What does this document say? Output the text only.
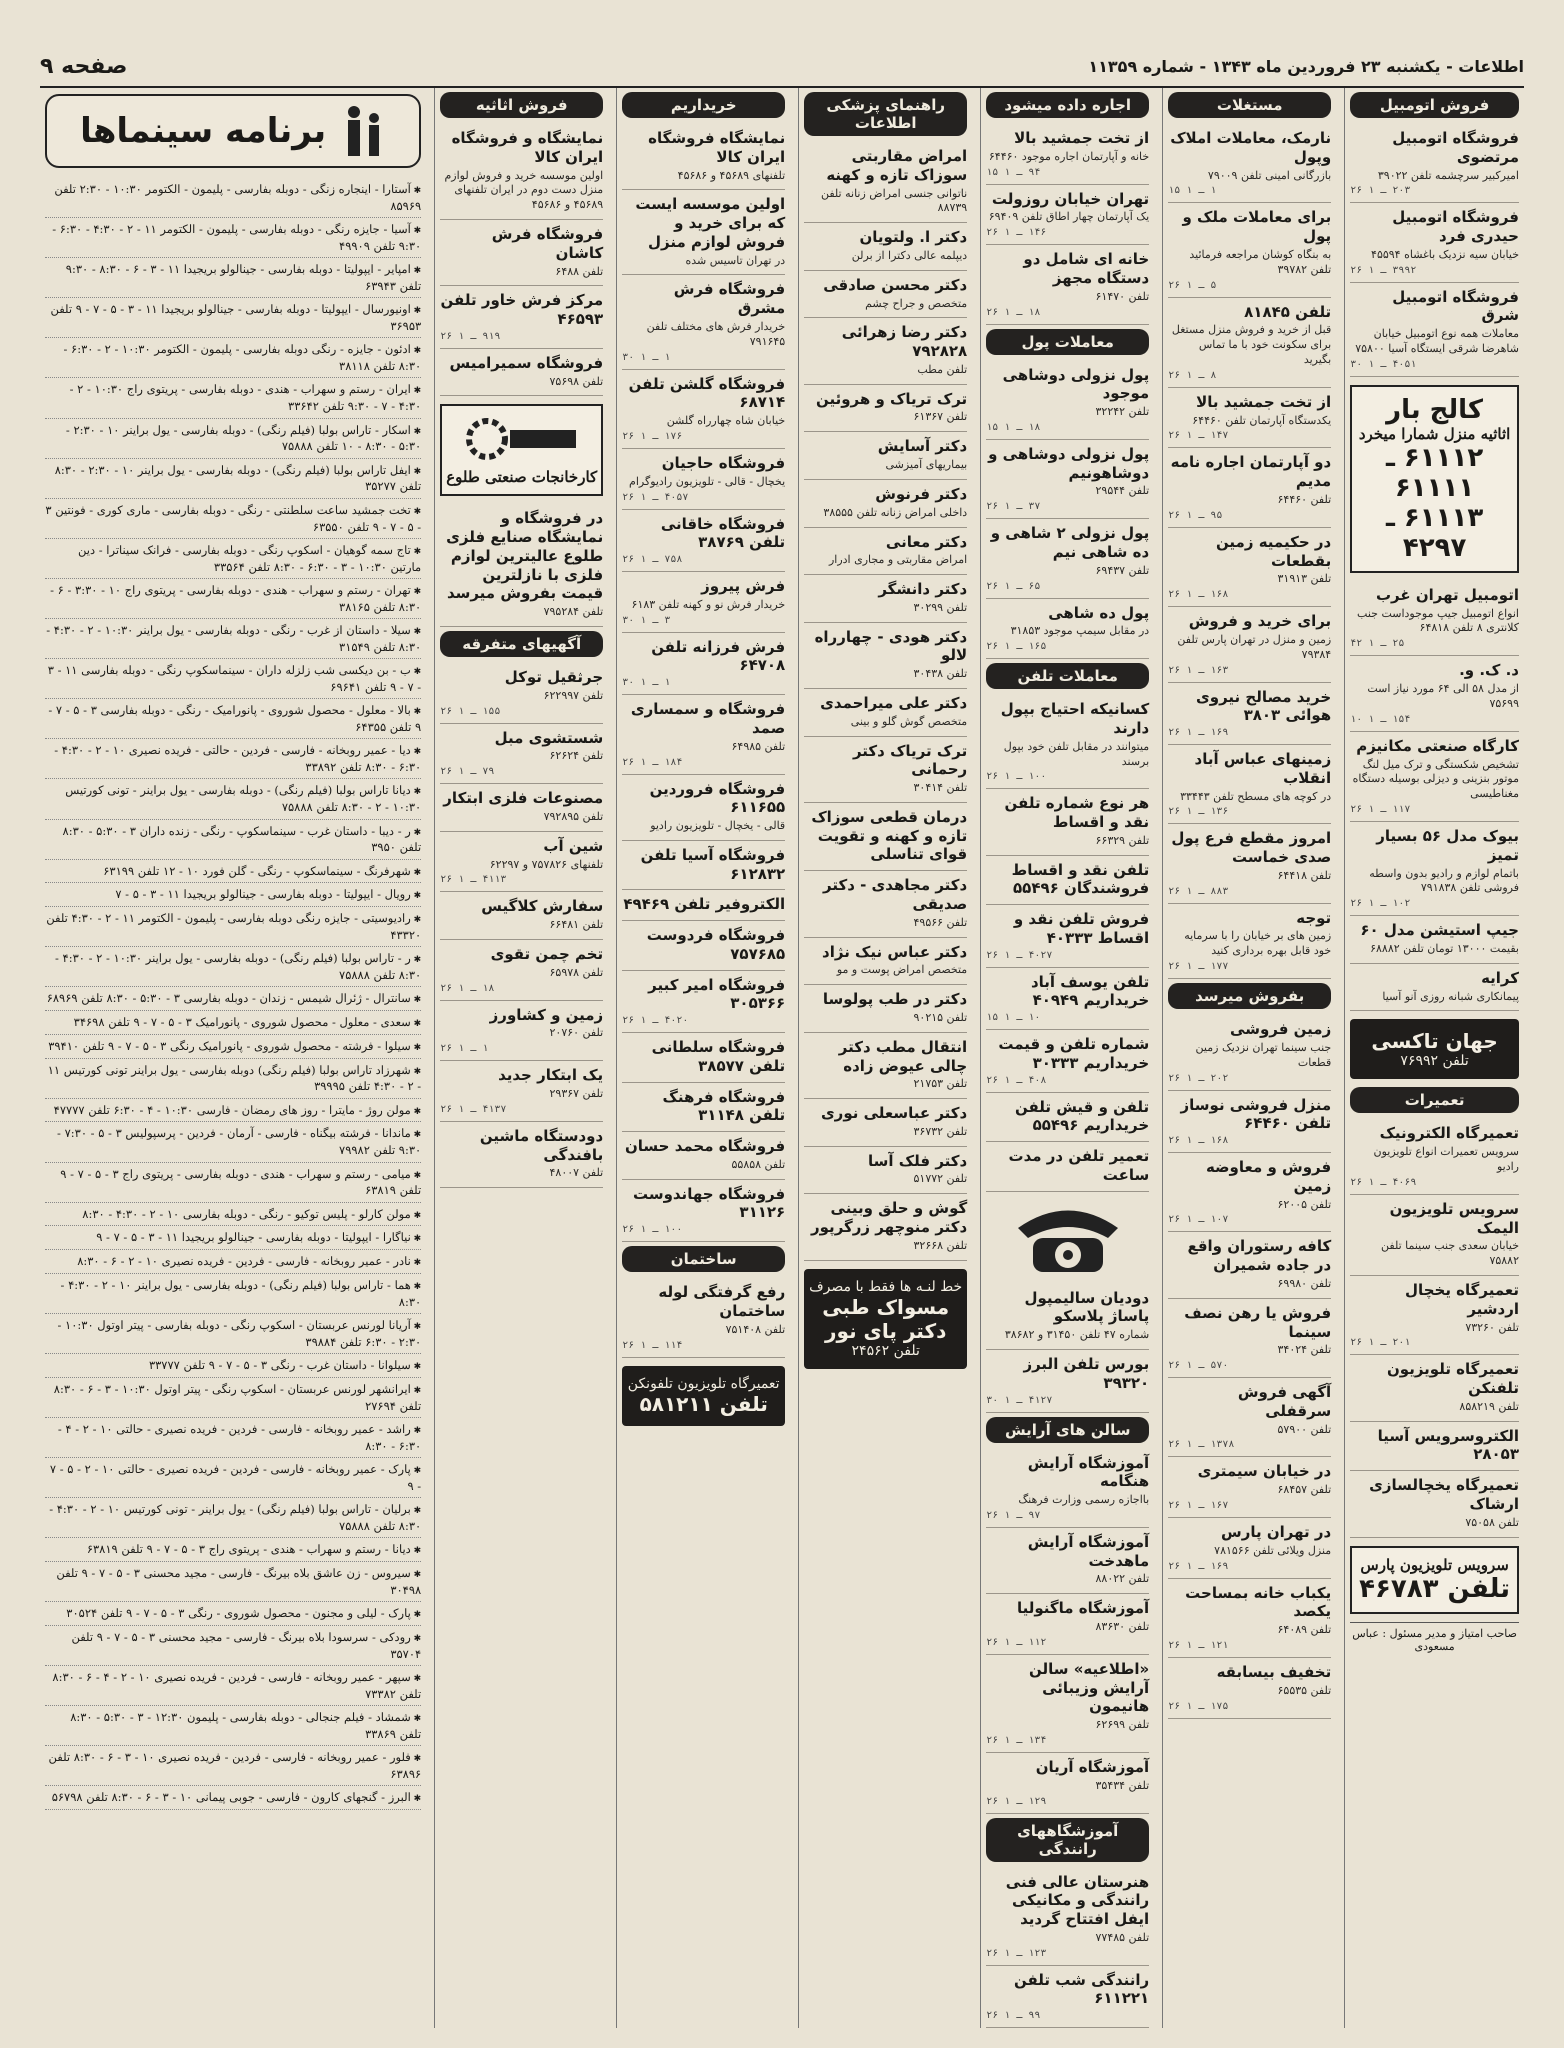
اطلاعات - یکشنبه ۲۳ فروردین ماه ۱۳۴۳ - شماره ۱۱۳۵۹
صفحه ۹
فروش اتومبیل
فروشگاه اتومبیل مرتضوی
امیرکبیر سرچشمه تلفن ۳۹۰۲۲
۲۰۳ ـ ۱ ۲۶
فروشگاه اتومبیل حیدری فرد
خیابان سیه نزدیک باغشاه ۴۵۵۹۴
۳۹۹۲ ـ ۱ ۲۶
فروشگاه اتومبیل شرق
معاملات همه نوع اتومبیل خیابان شاهرضا شرقی ایستگاه آسیا ۷۵۸۰۰
۴۰۵۱ ـ ۱ ۳۰
کالج بار
اثاثیه منزل شمارا میخرد
۶۱۱۱۲ ـ ۶۱۱۱۱
۶۱۱۱۳ ـ ۴۲۹۷
اتومبیل تهران غرب
انواع اتومبیل جیپ موجوداست جنب کلانتری ۸ تلفن ۶۴۸۱۸
۲۵ ـ ۱ ۴۲
د. ک. و.
از مدل ۵۸ الی ۶۴ مورد نیاز است ۷۵۶۹۹
۱۵۴ ـ ۱ ۱۰
کارگاه صنعتی مکانیزم
تشخیص شکستگی و ترک میل لنگ موتور بنزینی و دیزلی بوسیله دستگاه مغناطیسی
۱۱۷ ـ ۱ ۲۶
بیوک مدل ۵۶ بسیار تمیز
باتمام لوازم و رادیو بدون واسطه فروشی تلفن ۷۹۱۸۳۸
۱۰۲ ـ ۱ ۲۶
جیپ استیشن مدل ۶۰
بقیمت ۱۳۰۰۰ تومان تلفن ۶۸۸۸۲
کرایه
پیمانکاری شبانه روزی آنو آسیا
جهان تاکسی
تلفن ۷۶۹۹۲
تعمیرات
تعمیرگاه الکترونیک
سرویس تعمیرات انواع تلویزیون رادیو
۴۰۶۹ ـ ۱ ۲۶
سرویس تلویزیون الیمک
خیابان سعدی جنب سینما تلفن ۷۵۸۸۲
تعمیرگاه یخچال اردشیر
تلفن ۷۳۲۶۰
۲۰۱ ـ ۱ ۲۶
تعمیرگاه تلویزیون تلفنکن
تلفن ۸۵۸۲۱۹
الکتروسرویس آسیا ۲۸۰۵۳
تعمیرگاه یخچالسازی ارشاک
تلفن ۷۵۰۵۸
سرویس تلویزیون پارس
تلفن ۴۶۷۸۳
صاحب امتیاز و مدیر مسئول : عباس مسعودی
مستغلات
نارمک، معاملات املاک وپول
بازرگانی امینی تلفن ۷۹۰۰۹
۱ ـ ۱ ۱۵
برای معاملات ملک و پول
به بنگاه کوشان مراجعه فرمائید تلفن ۳۹۷۸۲
۵ ـ ۱ ۲۶
تلفن ۸۱۸۴۵
قبل از خرید و فروش منزل مستغل برای سکونت خود با ما تماس بگیرید
۸ ـ ۱ ۲۶
از تخت جمشید بالا
یکدستگاه آپارتمان تلفن ۶۴۴۶۰
۱۴۷ ـ ۱ ۲۶
دو آپارتمان اجاره نامه مدیم
تلفن ۶۴۴۶۰
۹۵ ـ ۱ ۲۶
در حکیمیه زمین بقطعات
تلفن ۳۱۹۱۳
۱۶۸ ـ ۱ ۲۶
برای خرید و فروش
زمین و منزل در تهران پارس تلفن ۷۹۳۸۴
۱۶۳ ـ ۱ ۲۶
خرید مصالح نیروی هوائی ۳۸۰۳
۱۶۹ ـ ۱ ۲۶
زمینهای عباس آباد انقلاب
در کوچه های مسطح تلفن ۳۳۴۴۳
۱۳۶ ـ ۱ ۲۶
امروز مقطع فرع پول صدی خماست
تلفن ۶۴۴۱۸
۸۸۳ ـ ۱ ۲۶
توجه
زمین های بر خیابان را با سرمایه خود قابل بهره برداری کنید
۱۷۷ ـ ۱ ۲۶
بفروش میرسد
زمین فروشی
جنب سینما تهران نزدیک زمین قطعات
۲۰۲ ـ ۱ ۲۶
منزل فروشی نوساز تلفن ۶۴۴۶۰
۱۶۸ ـ ۱ ۲۶
فروش و معاوضه زمین
تلفن ۶۲۰۰۵
۱۰۷ ـ ۱ ۲۶
کافه رستوران واقع در جاده شمیران
تلفن ۶۹۹۸۰
فروش یا رهن نصف سینما
تلفن ۳۴۰۲۴
۵۷۰ ـ ۱ ۲۶
آگهی فروش سرقفلی
تلفن ۵۷۹۰۰
۱۳۷۸ ـ ۱ ۲۶
در خیابان سیمتری
تلفن ۶۸۴۵۷
۱۶۷ ـ ۱ ۲۶
در تهران پارس
منزل ویلائی تلفن ۷۸۱۵۶۶
۱۶۹ ـ ۱ ۲۶
یکباب خانه بمساحت یکصد
تلفن ۶۴۰۸۹
۱۲۱ ـ ۱ ۲۶
تخفیف بیسابقه
تلفن ۶۵۵۳۵
۱۷۵ ـ ۱ ۲۶
اجاره داده میشود
از تخت جمشید بالا
خانه و آپارتمان اجاره موجود ۶۴۴۶۰
۹۴ ـ ۱ ۱۵
تهران خیابان روزولت
یک آپارتمان چهار اطاق تلفن ۶۹۴۰۹
۱۴۶ ـ ۱ ۲۶
خانه ای شامل دو دستگاه مجهز
تلفن ۶۱۴۷۰
۱۸ ـ ۱ ۲۶
معاملات پول
پول نزولی دوشاهی موجود
تلفن ۳۲۲۴۲
۱۸ ـ ۱ ۱۵
پول نزولی دوشاهی و دوشاهونیم
تلفن ۲۹۵۴۴
۳۷ ـ ۱ ۲۶
پول نزولی ۲ شاهی و ده شاهی نیم
تلفن ۶۹۴۳۷
۶۵ ـ ۱ ۲۶
پول ده شاهی
در مقابل سیمپ موجود ۳۱۸۵۳
۱۶۵ ـ ۱ ۲۶
معاملات تلفن
کسانیکه احتیاج بپول دارند
میتوانند در مقابل تلفن خود بپول برسند
۱۰۰ ـ ۱ ۲۶
هر نوع شماره تلفن نقد و اقساط
تلفن ۶۶۳۲۹
تلفن نقد و اقساط فروشندگان ۵۵۴۹۶
فروش تلفن نقد و اقساط ۴۰۳۳۳
۴۰۲۷ ـ ۱ ۲۶
تلفن یوسف آباد خریداریم ۴۰۹۴۹
۱۰ ـ ۱ ۱۵
شماره تلفن و قیمت خریداریم ۳۰۳۳۳
۴۰۸ ـ ۱ ۲۶
تلفن و قیش تلفن خریداریم ۵۵۴۹۶
تعمیر تلفن در مدت ساعت
دودیان سالیمپول پاساژ پلاسکو
شماره ۴۷ تلفن ۳۱۴۵۰ و ۳۸۶۸۲
بورس تلفن البرز ۳۹۳۲۰
۴۱۲۷ ـ ۱ ۳۰
سالن های آرایش
آموزشگاه آرایش هنگامه
بااجازه رسمی وزارت فرهنگ
۹۷ ـ ۱ ۲۶
آموزشگاه آرایش ماهدخت
تلفن ۸۸۰۲۲
آموزشگاه ماگنولیا
تلفن ۸۳۶۳۰
۱۱۲ ـ ۱ ۲۶
«اطلاعیه» سالن آرایش وزیبائی هانیمون
تلفن ۶۲۶۹۹
۱۳۴ ـ ۱ ۲۶
آموزشگاه آریان
تلفن ۳۵۴۳۴
۱۲۹ ـ ۱ ۲۶
آموزشگاههای رانندگی
هنرستان عالی فنی رانندگی و مکانیکی ایفل افتتاح گردید
تلفن ۷۷۴۸۵
۱۲۳ ـ ۱ ۲۶
رانندگی شب تلفن ۶۱۱۲۲۱
۹۹ ـ ۱ ۲۶
راهنمای پزشکی اطلاعات
امراض مقاربتی سوزاک تازه و کهنه
ناتوانی جنسی امراض زنانه تلفن ۸۸۷۳۹
دکتر ا. ولتویان
دیپلمه عالی دکترا از برلن
دکتر محسن صادقی
متخصص و جراح چشم
دکتر رضا زهرائی ۷۹۲۸۲۸
تلفن مطب
ترک تریاک و هروئین
تلفن ۶۱۳۶۷
دکتر آسایش
بیماریهای آمیزشی
دکتر فرنوش
داخلی امراض زنانه تلفن ۳۸۵۵۵
دکتر معانی
امراض مقاربتی و مجاری ادرار
دکتر دانشگر
تلفن ۳۰۲۹۹
دکتر هودی - چهارراه لالو
تلفن ۳۰۴۳۸
دکتر علی میراحمدی
متخصص گوش گلو و بینی
ترک تریاک دکتر رحمانی
تلفن ۳۰۴۱۴
درمان قطعی سوزاک تازه و کهنه و تقویت قوای تناسلی
دکتر مجاهدی - دکتر صدیقی
تلفن ۴۹۵۶۶
دکتر عباس نیک نژاد
متخصص امراض پوست و مو
دکتر در طب پولوسا
تلفن ۹۰۲۱۵
انتقال مطب دکتر چالی عیوض زاده
تلفن ۲۱۷۵۳
دکتر عباسعلی نوری
تلفن ۳۶۷۳۲
دکتر فلک آسا
تلفن ۵۱۷۷۲
گوش و حلق وبینی دکتر منوچهر زرگرپور
تلفن ۳۲۶۶۸
خط لنـه ها فقط با مصرف
مسواک طبی دکتر پای نور
تلفن ۲۴۵۶۲
خریداریم
نمایشگاه فروشگاه ایران کالا
تلفنهای ۴۵۶۸۹ و ۴۵۶۸۶
اولین موسسه ایست که برای خرید و فروش لوازم منزل
در تهران تاسیس شده
فروشگاه فرش مشرق
خریدار فرش های مختلف تلفن ۷۹۱۶۴۵
۱ ـ ۱ ۳۰
فروشگاه گلشن تلفن ۶۸۷۱۴
خیابان شاه چهارراه گلشن
۱۷۶ ـ ۱ ۲۶
فروشگاه حاجیان
یخچال - قالی - تلویزیون رادیوگرام
۴۰۵۷ ـ ۱ ۲۶
فروشگاه خاقانی تلفن ۳۸۷۶۹
۷۵۸ ـ ۱ ۲۶
فرش پیروز
خریدار فرش نو و کهنه تلفن ۶۱۸۳
۳ ـ ۱ ۳۰
فرش فرزانه تلفن ۶۴۷۰۸
۱ ـ ۱ ۳۰
فروشگاه و سمساری صمد
تلفن ۶۴۹۸۵
۱۸۴ ـ ۱ ۲۶
فروشگاه فروردین ۶۱۱۶۵۵
قالی - یخچال - تلویزیون رادیو
فروشگاه آسیا تلفن ۶۱۲۸۳۲
الکتروفیر تلفن ۴۹۴۶۹
فروشگاه فردوست ۷۵۷۶۸۵
فروشگاه امیر کبیر ۳۰۵۳۶۶
۴۰۲۰ ـ ۱ ۲۶
فروشگاه سلطانی تلفن ۳۸۵۷۷
فروشگاه فرهنگ تلفن ۳۱۱۴۸
فروشگاه محمد حسان
تلفن ۵۵۸۵۸
فروشگاه جهاندوست ۳۱۱۲۶
۱۰۰ ـ ۱ ۲۶
ساختمان
رفع گرفتگی لوله ساختمان
تلفن ۷۵۱۴۰۸
۱۱۴ ـ ۱ ۲۶
تعمیرگاه تلویزیون تلفونکن
تلفن ۵۸۱۲۱۱
فروش اثاثیه
نمایشگاه و فروشگاه ایران کالا
اولین موسسه خرید و فروش لوازم منزل دست دوم در ایران تلفنهای ۴۵۶۸۹ و ۴۵۶۸۶
فروشگاه فرش کاشان
تلفن ۶۴۸۸
مرکز فرش خاور تلفن ۴۶۵۹۳
۹۱۹ ـ ۱ ۲۶
فروشگاه سمیرامیس
تلفن ۷۵۶۹۸
کارخانجات صنعتی طلوع
در فروشگاه و نمایشگاه صنایع فلزی طلوع عالیترین لوازم فلزی با نازلترین قیمت بفروش میرسد
تلفن ۷۹۵۲۸۴
آگهیهای متفرقه
جرثقیل توکل
تلفن ۶۲۲۹۹۷
۱۵۵ ـ ۱ ۲۶
شستشوی مبل
تلفن ۶۲۶۲۴
۷۹ ـ ۱ ۲۶
مصنوعات فلزی ابتکار
تلفن ۷۹۲۸۹۵
شین آب
تلفنهای ۷۵۷۸۲۶ و ۶۲۲۹۷
۴۱۱۳ ـ ۱ ۲۶
سفارش کلاگیس
تلفن ۶۶۴۸۱
تخم چمن تقوی
تلفن ۶۵۹۷۸
۱۸ ـ ۱ ۲۶
زمین و کشاورز
تلفن ۲۰۷۶۰
۱ ـ ۱ ۲۶
یک ابتکار جدید
تلفن ۲۹۳۶۷
۴۱۳۷ ـ ۱ ۲۶
دودستگاه ماشین بافندگی
تلفن ۴۸۰۰۷
برنامه سینماها
✱ آستارا - اینجاره زنگی - دوبله بفارسی - پلیمون - الکتومر ۱۰:۳۰ - ۲:۳۰ تلفن ۸۵۹۶۹
✱ آسیا - جایزه رنگی - دوبله بفارسی - پلیمون - الکتومر ۱۱ - ۲ - ۴:۳۰ - ۶:۳۰ - ۹:۳۰ تلفن ۴۹۹۰۹
✱ امپایر - ایپولیتا - دوبله بفارسی - جینالولو بریجیدا ۱۱ - ۳ - ۶ - ۸:۳۰ - ۹:۳۰ تلفن ۶۳۹۴۳
✱ اونیورسال - ایپولیتا - دوبله بفارسی - جینالولو بریجیدا ۱۱ - ۳ - ۵ - ۷ - ۹ تلفن ۳۶۹۵۳
✱ ادئون - جایزه - رنگی دوبله بفارسی - پلیمون - الکتومر ۱۰:۳۰ - ۲ - ۶:۳۰ - ۸:۳۰ تلفن ۳۸۱۱۸
✱ ایران - رستم و سهراب - هندی - دوبله بفارسی - پریتوی راج ۱۰:۳۰ - ۲ - ۴:۳۰ - ۷ - ۹:۳۰ تلفن ۳۳۶۴۲
✱ اسکار - تاراس بولبا (فیلم رنگی) - دوبله بفارسی - یول براینر ۱۰ - ۲:۳۰ - ۵:۳۰ - ۸:۳۰ - ۱۰ تلفن ۷۵۸۸۸
✱ ایفل تاراس بولبا (فیلم رنگی) - دوبله بفارسی - یول براینر ۱۰ - ۲:۳۰ - ۸:۳۰ تلفن ۳۵۲۷۷
✱ تخت جمشید ساعت سلطنتی - رنگی - دوبله بفارسی - ماری کوری - فونتین ۳ - ۵ - ۷ - ۹ تلفن ۶۳۵۵۰
✱ تاج سمه گوهیان - اسکوپ رنگی - دوبله بفارسی - فرانک سیناترا - دین مارتین ۱۰:۳۰ - ۳ - ۶:۳۰ - ۸:۳۰ تلفن ۳۳۵۶۴
✱ تهران - رستم و سهراب - هندی - دوبله بفارسی - پریتوی راج ۱۰ - ۳:۳۰ - ۶ - ۸:۳۰ تلفن ۳۸۱۶۵
✱ سیلا - داستان از غرب - رنگی - دوبله بفارسی - یول براینر ۱۰:۳۰ - ۲ - ۴:۳۰ - ۸:۳۰ تلفن ۳۱۵۴۹
✱ ب - بن دیکسی شب زلزله داران - سینماسکوپ رنگی - دوبله بفارسی ۱۱ - ۳ - ۷ - ۹ تلفن ۶۹۶۴۱
✱ بالا - معلول - محصول شوروی - پانورامیک - رنگی - دوبله بفارسی ۳ - ۵ - ۷ - ۹ تلفن ۶۴۳۵۵
✱ دیا - عمیر روبخانه - فارسی - فردین - حالتی - فریده نصیری ۱۰ - ۲ - ۴:۳۰ - ۶:۳۰ - ۸:۳۰ تلفن ۳۳۸۹۲
✱ دیانا تاراس بولبا (فیلم رنگی) - دوبله بفارسی - یول براینر - تونی کورتیس ۱۰:۳۰ - ۲ - ۸:۳۰ تلفن ۷۵۸۸۸
✱ ر - دیبا - داستان غرب - سینماسکوپ - رنگی - زنده داران ۳ - ۵:۳۰ - ۸:۳۰ تلفن ۳۹۵۰
✱ شهرفرنگ - سینماسکوپ - رنگی - گلن فورد ۱۰ - ۱۲ تلفن ۶۳۱۹۹
✱ رویال - ایپولیتا - دوبله بفارسی - جینالولو بریجیدا ۱۱ - ۳ - ۵ - ۷
✱ رادیوسیتی - جایزه رنگی دوبله بفارسی - پلیمون - الکتومر ۱۱ - ۲ - ۴:۳۰ تلفن ۴۳۳۲۰
✱ ر - تاراس بولبا (فیلم رنگی) - دوبله بفارسی - یول براینر ۱۰:۳۰ - ۲ - ۴:۳۰ - ۸:۳۰ تلفن ۷۵۸۸۸
✱ سانترال - ژئرال شیمس - زندان - دوبله بفارسی ۳ - ۵:۳۰ - ۸:۳۰ تلفن ۶۸۹۶۹
✱ سعدی - معلول - محصول شوروی - پانورامیک ۳ - ۵ - ۷ - ۹ تلفن ۳۴۶۹۸
✱ سیلوا - فرشته - محصول شوروی - پانورامیک رنگی ۳ - ۵ - ۷ - ۹ تلفن ۳۹۴۱۰
✱ شهرزاد تاراس بولبا (فیلم رنگی) دوبله بفارسی - یول براینر تونی کورتیس ۱۱ - ۲ - ۴:۳۰ تلفن ۳۹۹۹۵
✱ مولن روژ - مایترا - روز های رمضان - فارسی ۱۰:۳۰ - ۴ - ۶:۳۰ تلفن ۴۷۷۷۷
✱ ماندانا - فرشته بیگناه - فارسی - آرمان - فردین - پرسپولیس ۳ - ۵ - ۷:۳۰ - ۹:۳۰ تلفن ۷۹۹۸۲
✱ میامی - رستم و سهراب - هندی - دوبله بفارسی - پریتوی راج ۳ - ۵ - ۷ - ۹ تلفن ۶۳۸۱۹
✱ مولن کارلو - پلیس توکیو - رنگی - دوبله بفارسی ۱۰ - ۲ - ۴:۳۰ - ۸:۳۰
✱ نیاگارا - ایپولیتا - دوبله بفارسی - جینالولو بریجیدا ۱۱ - ۳ - ۵ - ۷ - ۹
✱ نادر - عمیر روبخانه - فارسی - فردین - فریده نصیری ۱۰ - ۲ - ۶ - ۸:۳۰
✱ هما - تاراس بولبا (فیلم رنگی) - دوبله بفارسی - یول براینر ۱۰ - ۲ - ۴:۳۰ - ۸:۳۰
✱ آریانا لورنس عربستان - اسکوپ رنگی - دوبله بفارسی - پیتر اوتول ۱۰:۳۰ - ۲:۳۰ - ۶:۳۰ تلفن ۳۹۸۸۴
✱ سیلوانا - داستان غرب - رنگی ۳ - ۵ - ۷ - ۹ تلفن ۳۳۷۷۷
✱ ایرانشهر لورنس عربستان - اسکوپ رنگی - پیتر اوتول ۱۰:۳۰ - ۳ - ۶ - ۸:۳۰ تلفن ۲۷۶۹۴
✱ راشد - عمیر روبخانه - فارسی - فردین - فریده نصیری - حالتی ۱۰ - ۲ - ۴ - ۶:۳۰ - ۸:۳۰
✱ پارک - عمیر روبخانه - فارسی - فردین - فریده نصیری - حالتی ۱۰ - ۲ - ۵ - ۷ - ۹
✱ برلیان - تاراس بولبا (فیلم رنگی) - یول براینر - تونی کورتیس ۱۰ - ۲ - ۴:۳۰ - ۸:۳۰ تلفن ۷۵۸۸۸
✱ دیانا - رستم و سهراب - هندی - پریتوی راج ۳ - ۵ - ۷ - ۹ تلفن ۶۳۸۱۹
✱ سیروس - زن عاشق بلاه بیرنگ - فارسی - مجید محسنی ۳ - ۵ - ۷ - ۹ تلفن ۳۰۴۹۸
✱ پارک - لیلی و مجنون - محصول شوروی - رنگی ۳ - ۵ - ۷ - ۹ تلفن ۳۰۵۲۴
✱ رودکی - سرسودا بلاه بیرنگ - فارسی - مجید محسنی ۳ - ۵ - ۷ - ۹ تلفن ۳۵۷۰۴
✱ سپهر - عمیر روبخانه - فارسی - فردین - فریده نصیری ۱۰ - ۲ - ۴ - ۶ - ۸:۳۰ تلفن ۷۳۳۸۲
✱ شمشاد - فیلم جنجالی - دوبله بفارسی - پلیمون ۱۲:۳۰ - ۳ - ۵:۳۰ - ۸:۳۰ تلفن ۳۳۸۶۹
✱ فلور - عمیر روبخانه - فارسی - فردین - فریده نصیری ۱۰ - ۳ - ۶ - ۸:۳۰ تلفن ۶۳۸۹۶
✱ البرز - گنجهای کارون - فارسی - جوبی پیمانی ۱۰ - ۳ - ۶ - ۸:۳۰ تلفن ۵۶۷۹۸
